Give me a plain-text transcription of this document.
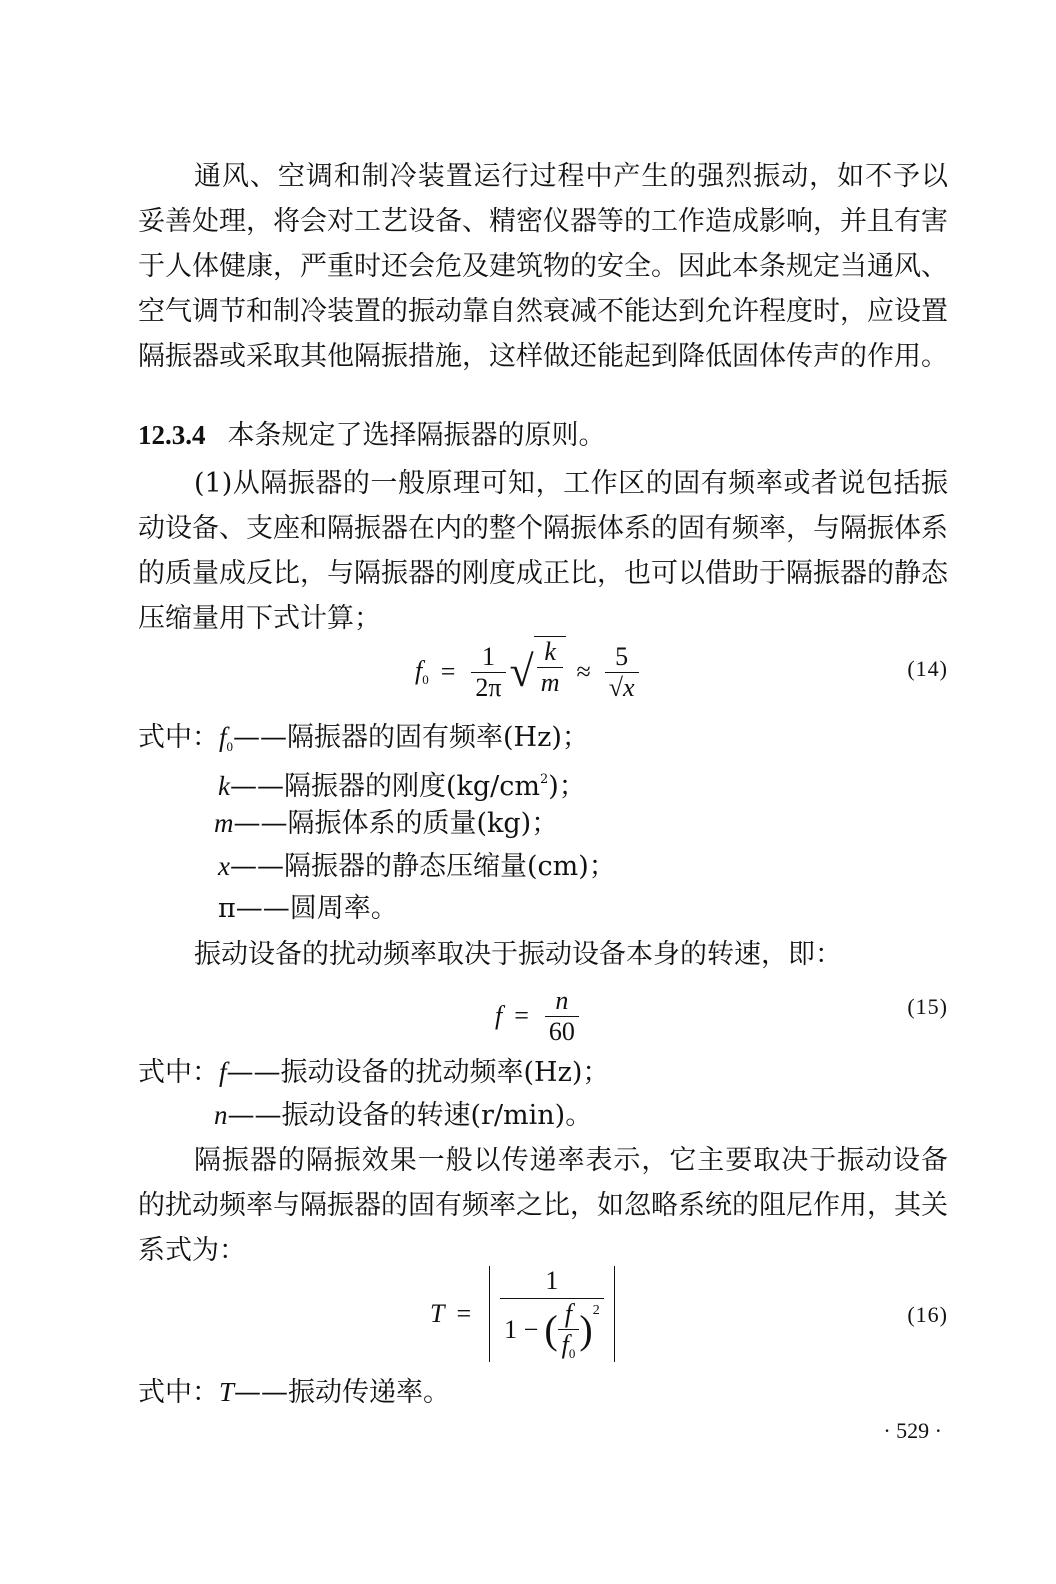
通风、空调和制冷装置运行过程中产生的强烈振动，如不予以妥善处理，将会对工艺设备、精密仪器等的工作造成影响，并且有害于人体健康，严重时还会危及建筑物的安全。因此本条规定当通风、空气调节和制冷装置的振动靠自然衰减不能达到允许程度时，应设置隔振器或采取其他隔振措施，这样做还能起到降低固体传声的作用。

12.3.4 本条规定了选择隔振器的原则。

(1)从隔振器的一般原理可知，工作区的固有频率或者说包括振动设备、支座和隔振器在内的整个隔振体系的固有频率，与隔振体系的质量成反比，与隔振器的刚度成正比，也可以借助于隔振器的静态压缩量用下式计算；

$f_0 = \frac{1}{2\pi}$ √ $\frac{k}{m} \approx \frac{5}{√x}$	(14)

式中：$f_0——$隔振器的固有频率(Hz)；

k——隔振器的刚度$(kg/cm^2)$；

m——隔振体系的质量(kg)；

x——隔振器的静态压缩量(cm)；

π——圆周率。

振动设备的扰动频率取决于振动设备本身的转速，即：

$f = \frac{n}{60}$	(15)

式中：f——振动设备的扰动频率(Hz)；

n——振动设备的转速(r/min)。

隔振器的隔振效果一般以传递率表示，它主要取决于振动设备的扰动频率与隔振器的固有频率之比，如忽略系统的阻尼作用，其关系式为：

T =
1
1 − ( $\frac{f}{f_0}$ ) 2	(16)

式中：T——振动传递率。

· 529 ·
